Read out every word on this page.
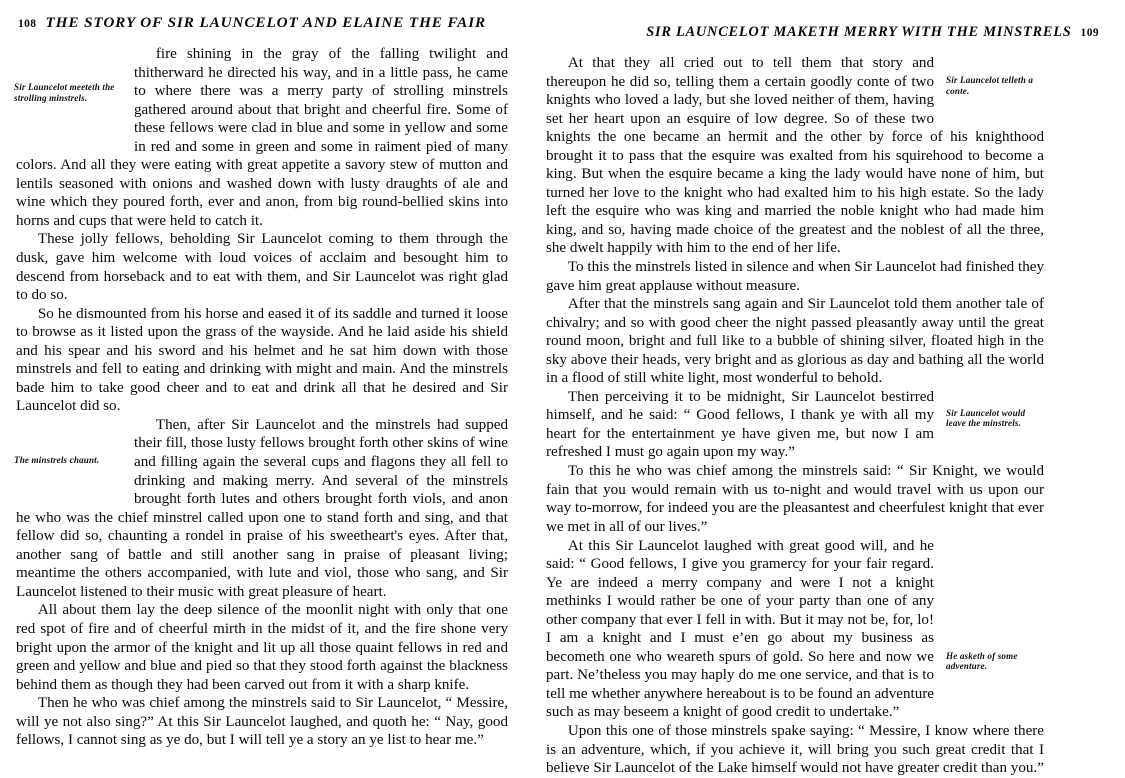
108 THE STORY OF SIR LAUNCELOT AND ELAINE THE FAIR
Sir Launcelot meeteth the strolling minstrels.

fire shining in the gray of the falling twilight and thitherward he directed his way, and in a little pass, he came to where there was a merry party of strolling minstrels gathered around about that bright and cheerful fire. Some of these fellows were clad in blue and some in yellow and some in red and some in green and some in raiment pied of many colors. And all they were eating with great appetite a savory stew of mutton and lentils seasoned with onions and washed down with lusty draughts of ale and wine which they poured forth, ever and anon, from big round-bellied skins into horns and cups that were held to catch it.

These jolly fellows, beholding Sir Launcelot coming to them through the dusk, gave him welcome with loud voices of acclaim and besought him to descend from horseback and to eat with them, and Sir Launcelot was right glad to do so.

So he dismounted from his horse and eased it of its saddle and turned it loose to browse as it listed upon the grass of the wayside. And he laid aside his shield and his spear and his sword and his helmet and he sat him down with those minstrels and fell to eating and drinking with might and main. And the minstrels bade him to take good cheer and to eat and drink all that he desired and Sir Launcelot did so.

The minstrels chaunt.

Then, after Sir Launcelot and the minstrels had supped their fill, those lusty fellows brought forth other skins of wine and filling again the several cups and flagons they all fell to drinking and making merry. And several of the minstrels brought forth lutes and others brought forth viols, and anon he who was the chief minstrel called upon one to stand forth and sing, and that fellow did so, chaunting a rondel in praise of his sweetheart's eyes. After that, another sang of battle and still another sang in praise of pleasant living; meantime the others accompanied, with lute and viol, those who sang, and Sir Launcelot listened to their music with great pleasure of heart.

All about them lay the deep silence of the moonlit night with only that one red spot of fire and of cheerful mirth in the midst of it, and the fire shone very bright upon the armor of the knight and lit up all those quaint fellows in red and green and yellow and blue and pied so that they stood forth against the blackness behind them as though they had been carved out from it with a sharp knife.

Then he who was chief among the minstrels said to Sir Launcelot, “ Messire, will ye not also sing?” At this Sir Launcelot laughed, and quoth he: “ Nay, good fellows, I cannot sing as ye do, but I will tell ye a story an ye list to hear me.”

SIR LAUNCELOT MAKETH MERRY WITH THE MINSTRELS 109
Sir Launcelot telleth a conte.

At that they all cried out to tell them that story and thereupon he did so, telling them a certain goodly conte of two knights who loved a lady, but she loved neither of them, having set her heart upon an esquire of low degree. So of these two knights the one became an hermit and the other by force of his knighthood brought it to pass that the esquire was exalted from his squirehood to become a king. But when the esquire became a king the lady would have none of him, but turned her love to the knight who had exalted him to his high estate. So the lady left the esquire who was king and married the noble knight who had made him king, and so, having made choice of the greatest and the noblest of all the three, she dwelt happily with him to the end of her life.

To this the minstrels listed in silence and when Sir Launcelot had finished they gave him great applause without measure.

After that the minstrels sang again and Sir Launcelot told them another tale of chivalry; and so with good cheer the night passed pleasantly away until the great round moon, bright and full like to a bubble of shining silver, floated high in the sky above their heads, very bright and as glorious as day and bathing all the world in a flood of still white light, most wonderful to behold.

Sir Launcelot would leave the minstrels.

Then perceiving it to be midnight, Sir Launcelot bestirred himself, and he said: “ Good fellows, I thank ye with all my heart for the entertainment ye have given me, but now I am refreshed I must go again upon my way.”

To this he who was chief among the minstrels said: “ Sir Knight, we would fain that you would remain with us to-night and would travel with us upon our way to-morrow, for indeed you are the pleasantest and cheerfulest knight that ever we met in all of our lives.”

He asketh of some adventure.

At this Sir Launcelot laughed with great good will, and he said: “ Good fellows, I give you gramercy for your fair regard. Ye are indeed a merry company and were I not a knight methinks I would rather be one of your party than one of any other company that ever I fell in with. But it may not be, for, lo! I am a knight and I must e’en go about my business as becometh one who weareth spurs of gold. So here and now we part. Ne’theless you may haply do me one service, and that is to tell me whether anywhere hereabout is to be found an adventure such as may beseem a knight of good credit to undertake.”

Upon this one of those minstrels spake saying: “ Messire, I know where there is an adventure, which, if you achieve it, will bring you such great credit that I believe Sir Launcelot of the Lake himself would not have greater credit than you.”
